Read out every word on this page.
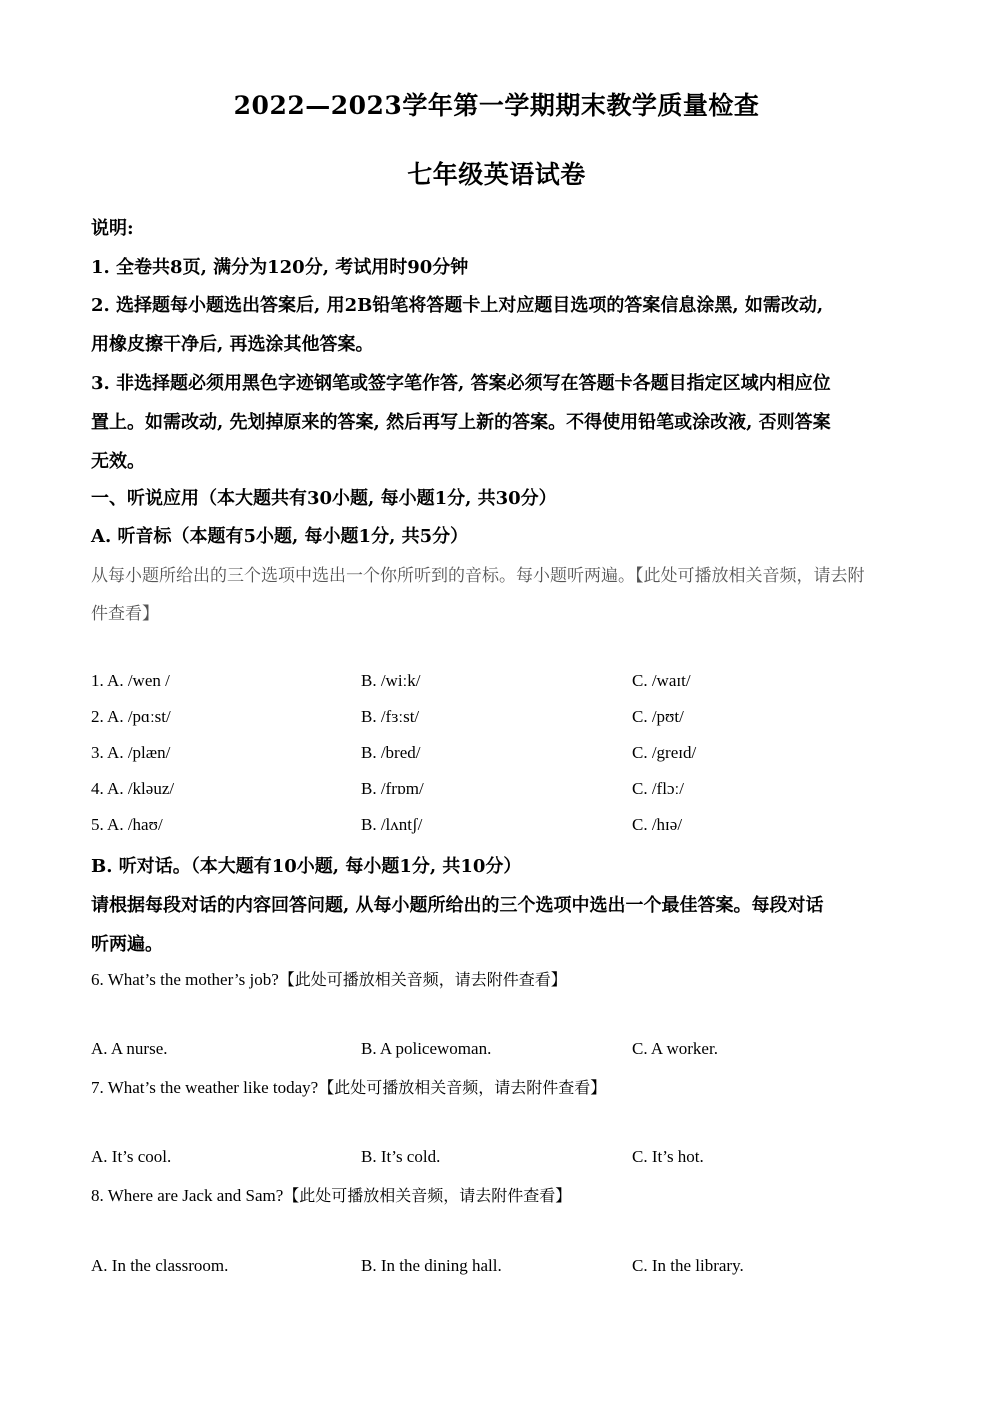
2022—2023学年第一学期期末教学质量检查
七年级英语试卷
说明:
1. 全卷共8页, 满分为120分, 考试用时90分钟
2. 选择题每小题选出答案后, 用2B铅笔将答题卡上对应题目选项的答案信息涂黑, 如需改动,
用橡皮擦干净后, 再选涂其他答案。
3. 非选择题必须用黑色字迹钢笔或签字笔作答, 答案必须写在答题卡各题目指定区域内相应位
置上。如需改动, 先划掉原来的答案, 然后再写上新的答案。不得使用铅笔或涂改液, 否则答案
无效。
一、听说应用（本大题共有30小题, 每小题1分, 共30分）
A. 听音标（本题有5小题, 每小题1分, 共5分）
从每小题所给出的三个选项中选出一个你所听到的音标。每小题听两遍。【此处可播放相关音频，请去附
件查看】
1. A. /wen /	B. /wiːk/	C. /waɪt/
2. A. /pɑːst/	B. /fɜːst/	C. /pʊt/
3. A. /plæn/	B. /bred/	C. /greɪd/
4. A. /kləuz/	B. /frɒm/	C. /flɔː/
5. A. /haʊ/	B. /lʌntʃ/	C. /hɪə/
B. 听对话。（本大题有10小题, 每小题1分, 共10分）
请根据每段对话的内容回答问题, 从每小题所给出的三个选项中选出一个最佳答案。每段对话
听两遍。
6. What’s the mother’s job?【此处可播放相关音频，请去附件查看】
A. A nurse.	B. A policewoman.	C. A worker.
7. What’s the weather like today?【此处可播放相关音频，请去附件查看】
A. It’s cool.	B. It’s cold.	C. It’s hot.
8. Where are Jack and Sam?【此处可播放相关音频，请去附件查看】
A. In the classroom.	B. In the dining hall.	C. In the library.
